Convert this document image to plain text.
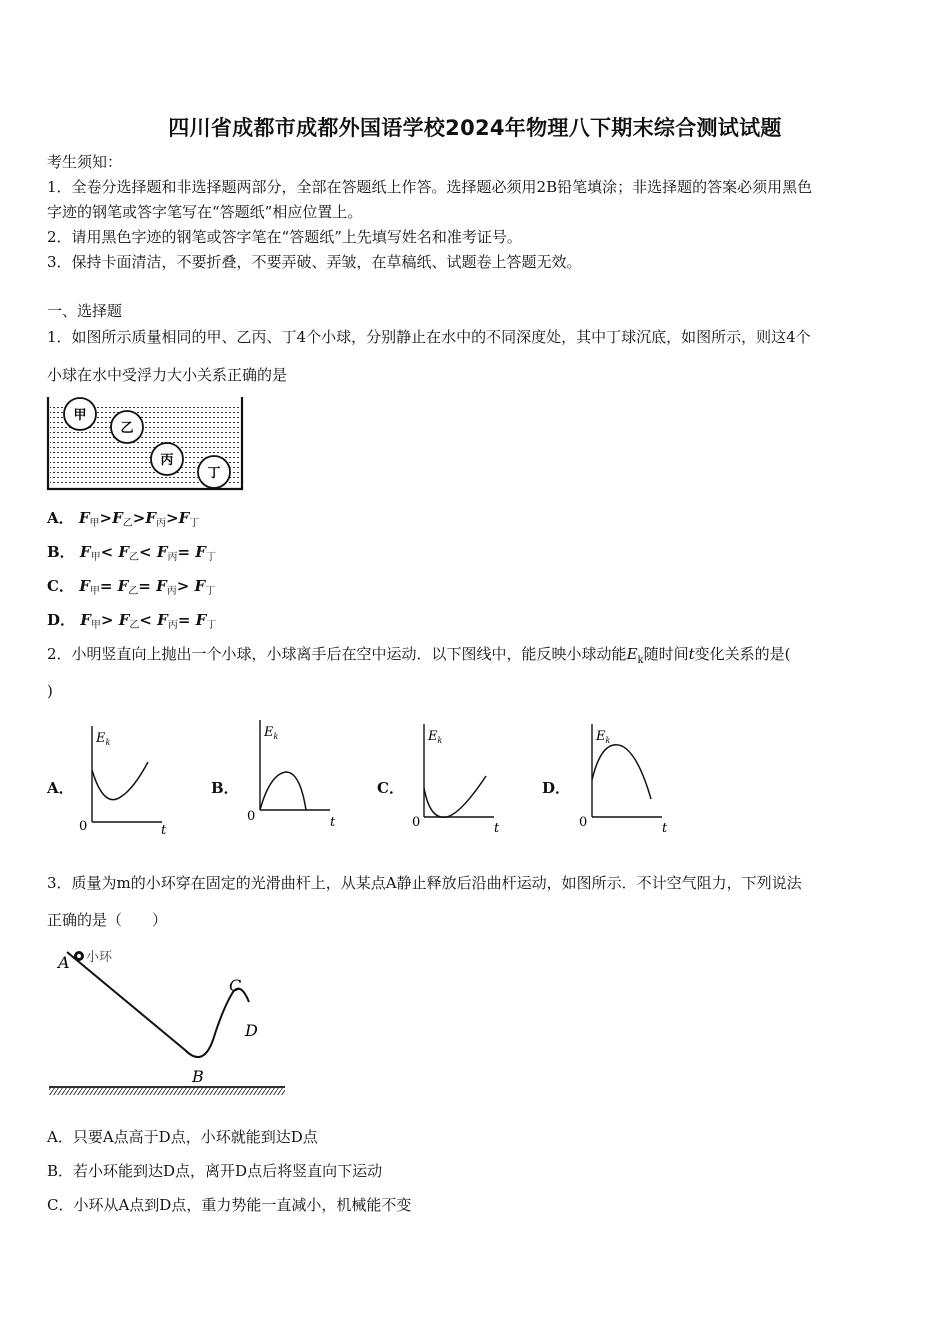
四川省成都市成都外国语学校2024年物理八下期末综合测试试题
考生须知：
1．全卷分选择题和非选择题两部分，全部在答题纸上作答。选择题必须用2B铅笔填涂；非选择题的答案必须用黑色
字迹的钢笔或答字笔写在“答题纸”相应位置上。
2．请用黑色字迹的钢笔或答字笔在“答题纸”上先填写姓名和准考证号。
3．保持卡面清洁，不要折叠，不要弄破、弄皱，在草稿纸、试题卷上答题无效。
一、选择题
1．如图所示质量相同的甲、乙丙、丁4个小球，分别静止在水中的不同深度处，其中丁球沉底，如图所示，则这4个
小球在水中受浮力大小关系正确的是
甲
乙
丙
丁
A． $F_甲>F_乙>F_丙>F_丁$
B． $F_甲< F_乙< F_丙= F_丁$
C． $F_甲= F_乙= F_丙> F_丁$
D． $F_甲> F_乙< F_丙= F_丁$
2．小明竖直向上抛出一个小球，小球离手后在空中运动．以下图线中，能反映小球动能$E_k$随时间t变化关系的是(
)
A．
$E_k$
0	t
B．
$E_k$
0	t
C．
$E_k$
0	t
D．
$E_k$
0	t
3．质量为m的小环穿在固定的光滑曲杆上，从某点A静止释放后沿曲杆运动，如图所示．不计空气阻力，下列说法
正确的是（　　）
小环
A
B
C
D
A．只要A点高于D点，小环就能到达D点
B．若小环能到达D点，离开D点后将竖直向下运动
C．小环从A点到D点，重力势能一直减小，机械能不变
